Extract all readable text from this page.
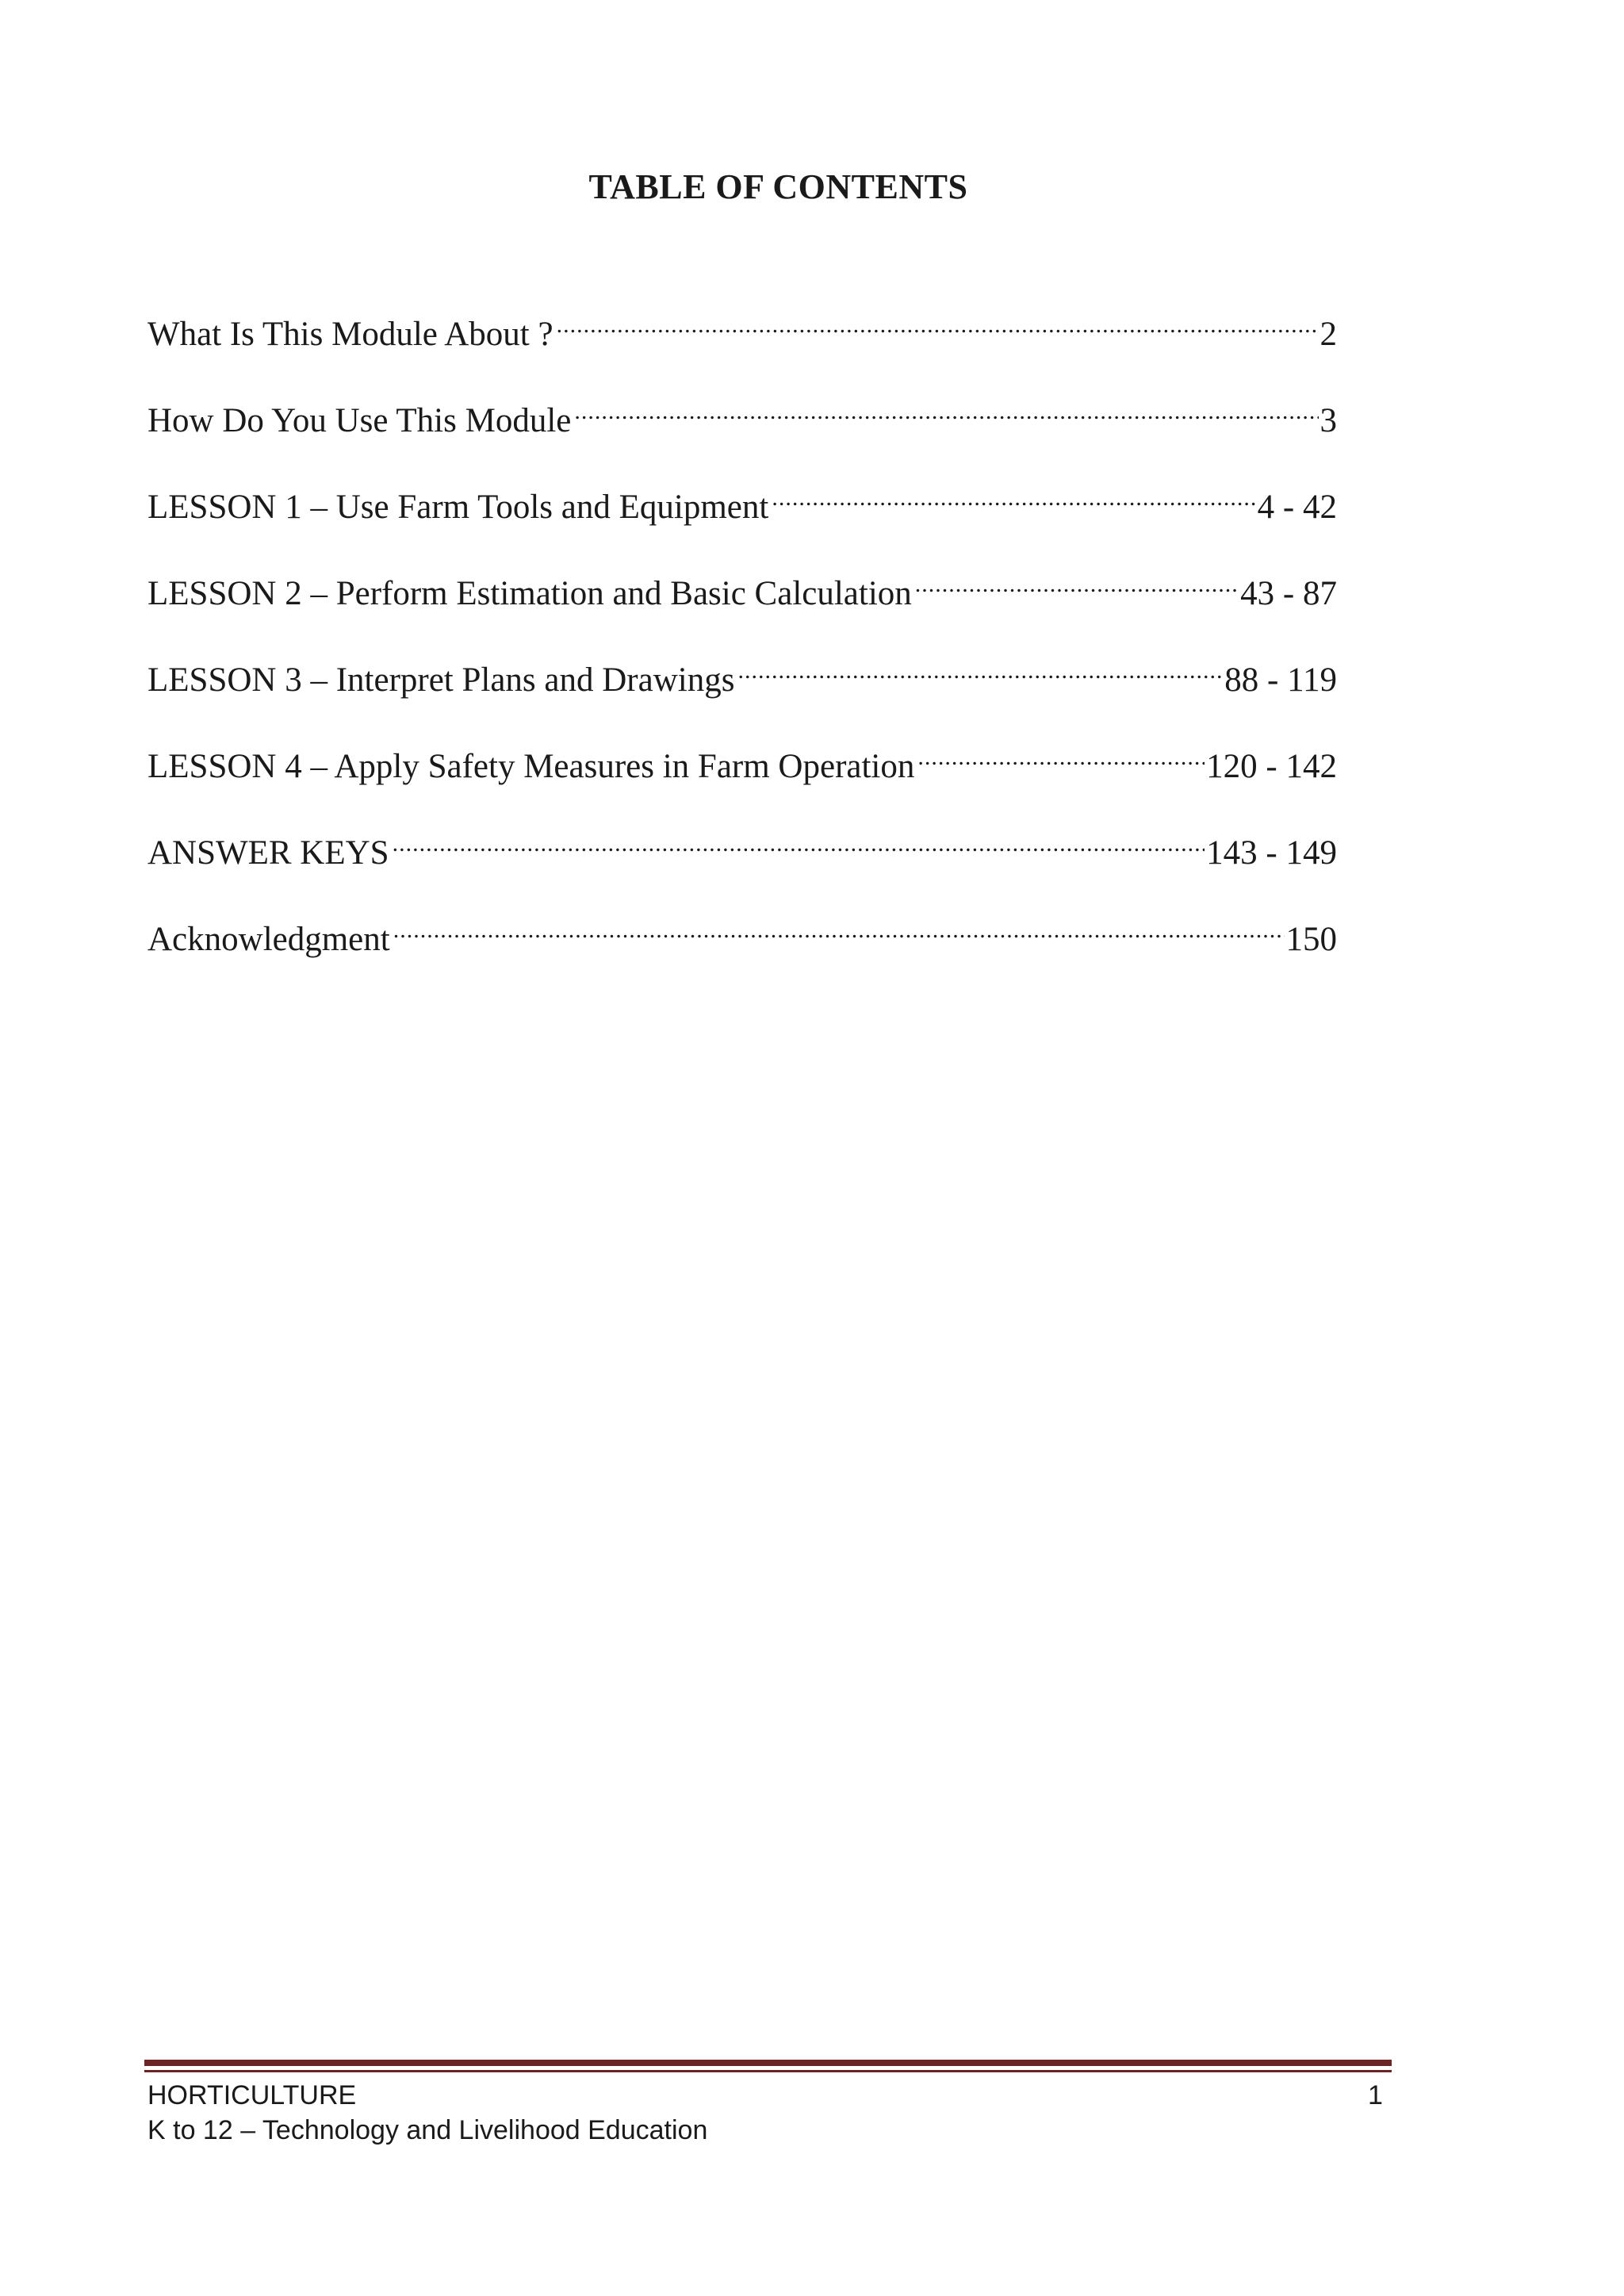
TABLE OF CONTENTS
What Is This Module About ? .....	2
How Do You Use This Module .....	3
LESSON 1 – Use Farm Tools and Equipment .....	4 - 42
LESSON 2 – Perform Estimation and Basic Calculation .....	43 - 87
LESSON 3 – Interpret Plans and Drawings .....	88 - 119
LESSON 4 – Apply Safety Measures in Farm Operation .....	120 - 142
ANSWER KEYS .....	143 - 149
Acknowledgment .....	150
HORTICULTURE
K to 12 – Technology and Livelihood Education
1
